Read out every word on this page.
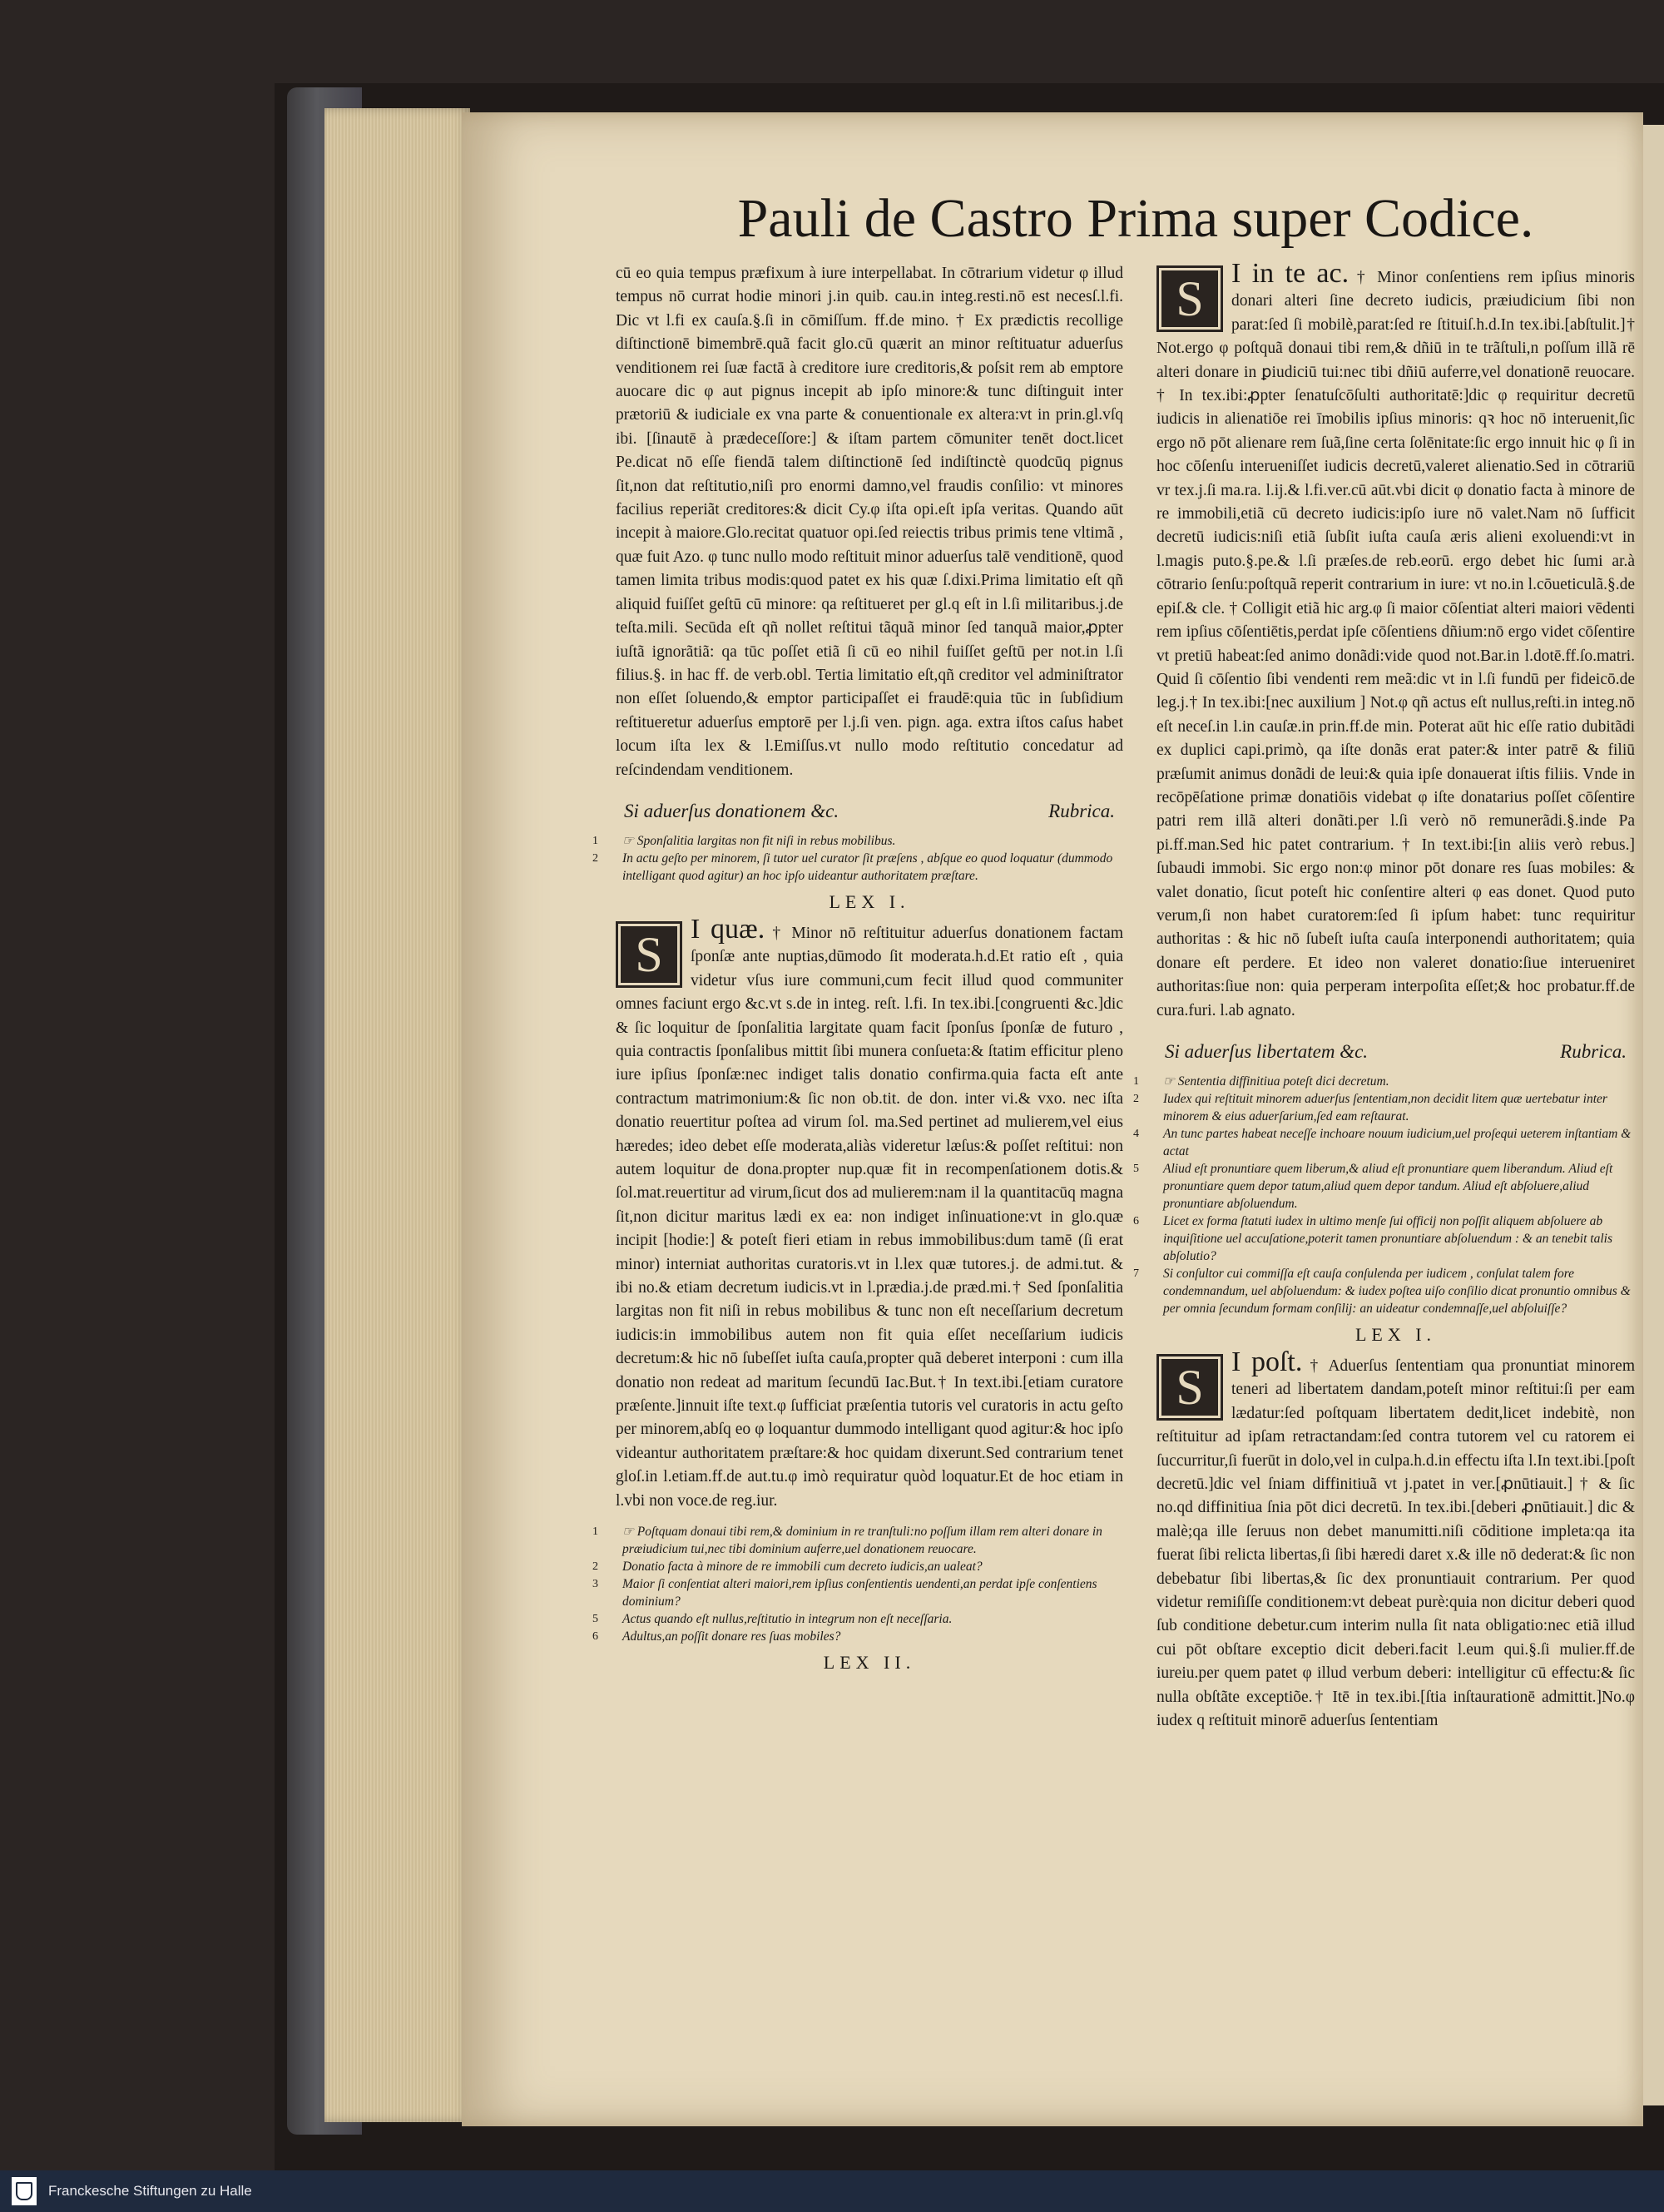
Pauli de Castro Prima super Codice.

cū eo quia tempus præfixum à iure interpellabat. In cōtrarium videtur φ illud tempus nō currat hodie minori j.in quib. cau.in integ.resti.nō est necesſ.l.fi. Dic vt l.fi ex cauſa.§.ſi in cōmiſſum. ff.de mino. † Ex prædictis recollige diſtinctionē bimembrē.quã facit glo.cū quærit an minor reſtituatur aduerſus venditionem rei ſuæ factā à creditore iure creditoris,& poſsit rem ab emptore auocare dic φ aut pignus incepit ab ipſo minore:& tunc diſtinguit inter prætoriū & iudiciale ex vna parte & conuentionale ex altera:vt in prin.gl.vſq ibi. [ſinautē à prædeceſſore:] & iſtam partem cōmuniter tenēt doct.licet Pe.dicat nō eſſe fiendā talem diſtinctionē ſed indiſtinctè quodcūq pignus ſit,non dat reſtitutio,niſi pro enormi damno,vel fraudis conſilio: vt minores facilius reperiãt creditores:& dicit Cy.φ iſta opi.eſt ipſa veritas. Quando aūt incepit à maiore.Glo.recitat quatuor opi.ſed reiectis tribus primis tene vltimã , quæ fuit Azo. φ tunc nullo modo reſtituit minor aduerſus talē venditionē, quod tamen limita tribus modis:quod patet ex his quæ ſ.dixi.Prima limitatio eſt qñ aliquid fuiſſet geſtū cū minore: qa reſtitueret per gl.q eſt in l.ſi militaribus.j.de teſta.mili. Secūda eſt qñ nollet reſtitui tãquã minor ſed tanquã maior,ꝓpter iuſtã ignorãtiã: qa tūc poſſet etiã ſi cū eo nihil fuiſſet geſtū per not.in l.ſi filius.§. in hac ff. de verb.obl. Tertia limitatio eſt,qñ creditor vel adminiſtrator non eſſet ſoluendo,& emptor participaſſet ei fraudē:quia tūc in ſubſidium reſtitueretur aduerſus emptorē per l.j.ſi ven. pign. aga. extra iſtos caſus habet locum iſta lex & l.Emiſſus.vt nullo modo reſtitutio concedatur ad reſcindendam venditionem.

Si aduerſus donationem &c.	Rubrica.
1 ☞ Sponſalitia largitas non fit niſi in rebus mobilibus.
2 In actu geſto per minorem, ſi tutor uel curator ſit præſens , abſque eo quod loquatur (dummodo intelligant quod agitur) an hoc ipſo uideantur authoritatem præſtare.
LEX I.

S I quæ. † Minor nō reſtituitur aduerſus donationem factam ſponſæ ante nuptias,dūmodo ſit moderata.h.d.Et ratio eſt , quia videtur vſus iure communi,cum fecit illud quod communiter omnes faciunt ergo &c.vt s.de in integ. reſt. l.fi. In tex.ibi.[congruenti &c.]dic & ſic loquitur de ſponſalitia largitate quam facit ſponſus ſponſæ de futuro , quia contractis ſponſalibus mittit ſibi munera conſueta:& ſtatim efficitur pleno iure ipſius ſponſæ:nec indiget talis donatio confirma.quia facta eſt ante contractum matrimonium:& ſic non ob.tit. de don. inter vi.& vxo. nec iſta donatio reuertitur poſtea ad virum ſol. ma.Sed pertinet ad mulierem,vel eius hæredes; ideo debet eſſe moderata,aliàs videretur læſus:& poſſet reſtitui: non autem loquitur de dona.propter nup.quæ fit in recompenſationem dotis.& ſol.mat.reuertitur ad virum,ſicut dos ad mulierem:nam il la quantitacūq magna ſit,non dicitur maritus lædi ex ea: non indiget inſinuatione:vt in glo.quæ incipit [hodie:] & poteſt fieri etiam in rebus immobilibus:dum tamē (ſi erat minor) interniat authoritas curatoris.vt in l.lex quæ tutores.j. de admi.tut. & ibi no.& etiam decretum iudicis.vt in l.prædia.j.de præd.mi.† Sed ſponſalitia largitas non fit niſi in rebus mobilibus & tunc non eſt neceſſarium decretum iudicis:in immobilibus autem non fit quia eſſet neceſſarium iudicis decretum:& hic nō ſubeſſet iuſta cauſa,propter quã deberet interponi : cum illa donatio non redeat ad maritum ſecundū Iac.But.† In text.ibi.[etiam curatore præſente.]innuit iſte text.φ ſufficiat præſentia tutoris vel curatoris in actu geſto per minorem,abſq eo φ loquantur dummodo intelligant quod agitur:& hoc ipſo videantur authoritatem præſtare:& hoc quidam dixerunt.Sed contrarium tenet gloſ.in l.etiam.ff.de aut.tu.φ imò requiratur quòd loquatur.Et de hoc etiam in l.vbi non voce.de reg.iur.

1 ☞ Poſtquam donaui tibi rem,& dominium in re tranſtuli:no poſſum illam rem alteri donare in præiudicium tui,nec tibi dominium auferre,uel donationem reuocare.
2 Donatio facta à minore de re immobili cum decreto iudicis,an ualeat?
3 Maior ſi conſentiat alteri maiori,rem ipſius conſentientis uendenti,an perdat ipſe conſentiens dominium?
5 Actus quando eſt nullus,reſtitutio in integrum non eſt neceſſaria.
6 Adultus,an poſſit donare res ſuas mobiles?
LEX II.

S I in te ac. † Minor conſentiens rem ipſius minoris donari alteri ſine decreto iudicis, præiudicium ſibi non parat:ſed ſi mobilè,parat:ſed re ſtituiſ.h.d.In tex.ibi.[abſtulit.]† Not.ergo φ poſtquã donaui tibi rem,& dñiū in te trãſtuli,n poſſum illã rē alteri donare in ꝑiudiciū tui:nec tibi dñiū auferre,vel donationē reuocare. † In tex.ibi:ꝓpter ſenatuſcōſulti authoritatē:]dic φ requiritur decretū iudicis in alienatiōe rei īmobilis ipſius minoris: qꝛ hoc nō interuenit,ſic ergo nō pōt alienare rem ſuã,ſine certa ſolēnitate:ſic ergo innuit hic φ ſi in hoc cōſenſu interueniſſet iudicis decretū,valeret alienatio.Sed in cōtrariū vr tex.j.ſi ma.ra. l.ij.& l.fi.ver.cū aūt.vbi dicit φ donatio facta à minore de re immobili,etiã cū decreto iudicis:ipſo iure nō valet.Nam nō ſufficit decretū iudicis:niſi etiã ſubſit iuſta cauſa æris alieni exoluendi:vt in l.magis puto.§.pe.& l.ſi præſes.de reb.eorū. ergo debet hic ſumi ar.à cōtrario ſenſu:poſtquã reperit contrarium in iure: vt no.in l.cōueticulã.§.de epiſ.& cle. † Colligit etiã hic arg.φ ſi maior cōſentiat alteri maiori vēdenti rem ipſius cōſentiētis,perdat ipſe cōſentiens dñium:nō ergo videt cōſentire vt pretiū habeat:ſed animo donãdi:vide quod not.Bar.in l.dotē.ff.ſo.matri. Quid ſi cōſentio ſibi vendenti rem meã:dic vt in l.ſi fundū per fideicō.de leg.j.† In tex.ibi:[nec auxilium ] Not.φ qñ actus eſt nullus,reſti.in integ.nō eſt neceſ.in l.in cauſæ.in prin.ff.de min. Poterat aūt hic eſſe ratio dubitãdi ex duplici capi.primò, qa iſte donãs erat pater:& inter patrē & filiū præſumit animus donãdi de leui:& quia ipſe donauerat iſtis filiis. Vnde in recōpēſatione primæ donatiōis videbat φ iſte donatarius poſſet cōſentire patri rem illã alteri donãti.per l.ſi verò nō remunerãdi.§.inde Pa pi.ff.man.Sed hic patet contrarium. † In text.ibi:[in aliis verò rebus.] ſubaudi immobi. Sic ergo non:φ minor pōt donare res ſuas mobiles: & valet donatio, ſicut poteſt hic conſentire alteri φ eas donet. Quod puto verum,ſi non habet curatorem:ſed ſi ipſum habet: tunc requiritur authoritas : & hic nō ſubeſt iuſta cauſa interponendi authoritatem; quia donare eſt perdere. Et ideo non valeret donatio:ſiue interueniret authoritas:ſiue non: quia perperam interpoſita eſſet;& hoc probatur.ff.de cura.furi. l.ab agnato.

Si aduerſus libertatem &c.	Rubrica.
1 ☞ Sententia diffinitiua poteſt dici decretum.
2 Iudex qui reſtituit minorem aduerſus ſententiam,non decidit litem quæ uertebatur inter minorem & eius aduerſarium,ſed eam reſtaurat.
4 An tunc partes habeat neceſſe inchoare nouum iudicium,uel proſequi ueterem inſtantiam & actat
5 Aliud eſt pronuntiare quem liberum,& aliud eſt pronuntiare quem liberandum. Aliud eſt pronuntiare quem depor tatum,aliud quem depor tandum. Aliud eſt abſoluere,aliud pronuntiare abſoluendum.
6 Licet ex forma ſtatuti iudex in ultimo menſe ſui officij non poſſit aliquem abſoluere ab inquiſitione uel accuſatione,poterit tamen pronuntiare abſoluendum : & an tenebit talis abſolutio?
7 Si conſultor cui commiſſa eſt cauſa conſulenda per iudicem , conſulat talem fore condemnandum, uel abſoluendum: & iudex poſtea uiſo conſilio dicat pronuntio omnibus & per omnia ſecundum formam conſilij: an uideatur condemnaſſe,uel abſoluiſſe?
LEX I.

S I poſt. † Aduerſus ſententiam qua pronuntiat minorem teneri ad libertatem dandam,poteſt minor reſtitui:ſi per eam lædatur:ſed poſtquam libertatem dedit,licet indebitè, non reſtituitur ad ipſam retractandam:ſed contra tutorem vel cu ratorem ei ſuccurritur,ſi fuerūt in dolo,vel in culpa.h.d.in effectu iſta l.In text.ibi.[poſt decretū.]dic vel ſniam diffinitiuã vt j.patet in ver.[ꝓnūtiauit.] † & ſic no.qd diffinitiua ſnia pōt dici decretū. In tex.ibi.[deberi ꝓnūtiauit.] dic & malè;qa ille ſeruus non debet manumitti.niſi cōditione impleta:qa ita fuerat ſibi relicta libertas,ſi ſibi hæredi daret x.& ille nō dederat:& ſic non debebatur ſibi libertas,& ſic dex pronuntiauit contrarium. Per quod videtur remiſiſſe conditionem:vt debeat purè:quia non dicitur deberi quod ſub conditione debetur.cum interim nulla ſit nata obligatio:nec etiã illud cui pōt obſtare exceptio dicit deberi.facit l.eum qui.§.ſi mulier.ff.de iureiu.per quem patet φ illud verbum deberi: intelligitur cū effectu:& ſic nulla obſtãte exceptiõe.† Itē in tex.ibi.[ſtia inſtaurationē admittit.]No.φ iudex q reſtituit minorē aduerſus ſententiam

Franckesche Stiftungen zu Halle
